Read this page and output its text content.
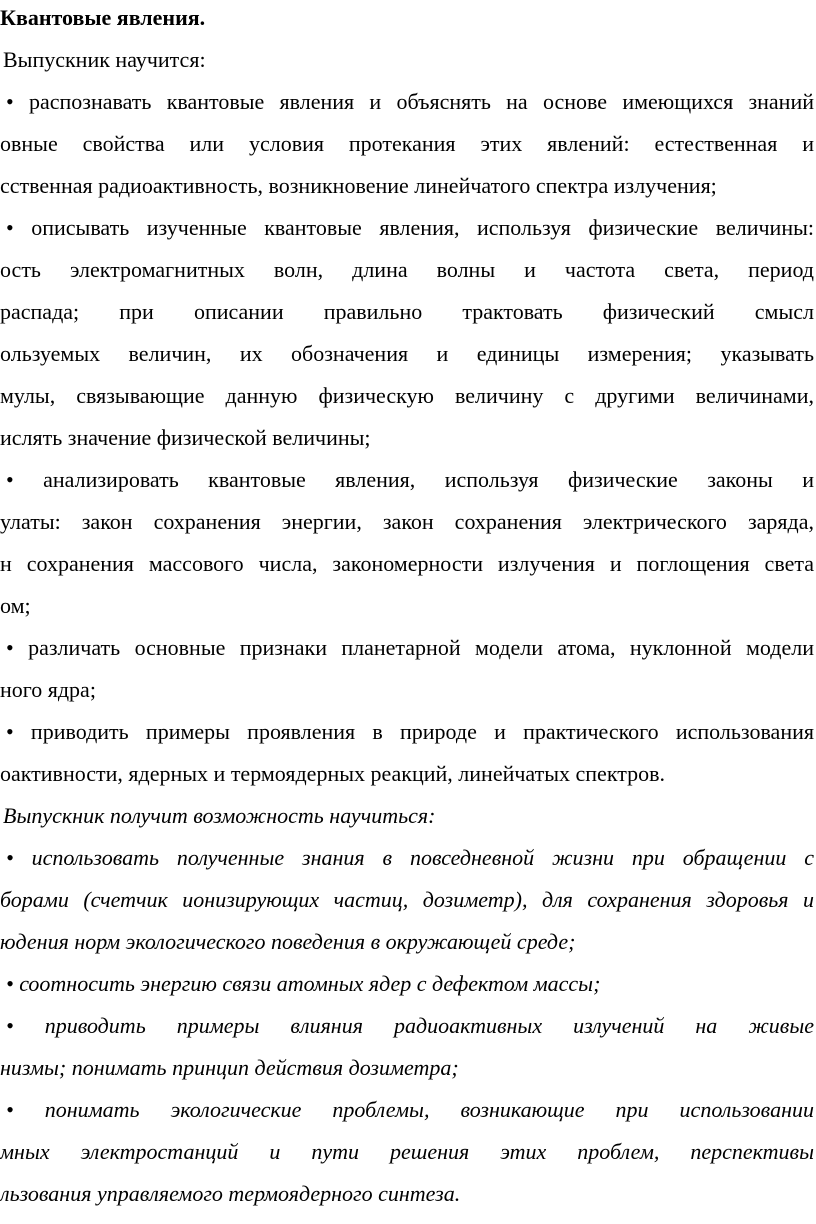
Квантовые явления.
Выпускник научится:
• распознавать квантовые явления и объяснять на основе имеющихся знаний
овные свойства или условия протекания этих явлений: естественная и
сственная радиоактивность, возникновение линейчатого спектра излучения;
• описывать изученные квантовые явления, используя физические величины:
ость электромагнитных волн, длина волны и частота света, период
распада; при описании правильно трактовать физический смысл
ользуемых величин, их обозначения и единицы измерения; указывать
мулы, связывающие данную физическую величину с другими величинами,
ислять значение физической величины;
• анализировать квантовые явления, используя физические законы и
улаты: закон сохранения энергии, закон сохранения электрического заряда,
н сохранения массового числа, закономерности излучения и поглощения света
ом;
• различать основные признаки планетарной модели атома, нуклонной модели
ного ядра;
• приводить примеры проявления в природе и практического использования
оактивности, ядерных и термоядерных реакций, линейчатых спектров.
Выпускник получит возможность научиться:
• использовать полученные знания в повседневной жизни при обращении с
борами (счетчик ионизирующих частиц, дозиметр), для сохранения здоровья и
юдения норм экологического поведения в окружающей среде;
• соотносить энергию связи атомных ядер с дефектом массы;
• приводить примеры влияния радиоактивных излучений на живые
низмы; понимать принцип действия дозиметра;
• понимать экологические проблемы, возникающие при использовании
мных электростанций и пути решения этих проблем, перспективы
льзования управляемого термоядерного синтеза.
